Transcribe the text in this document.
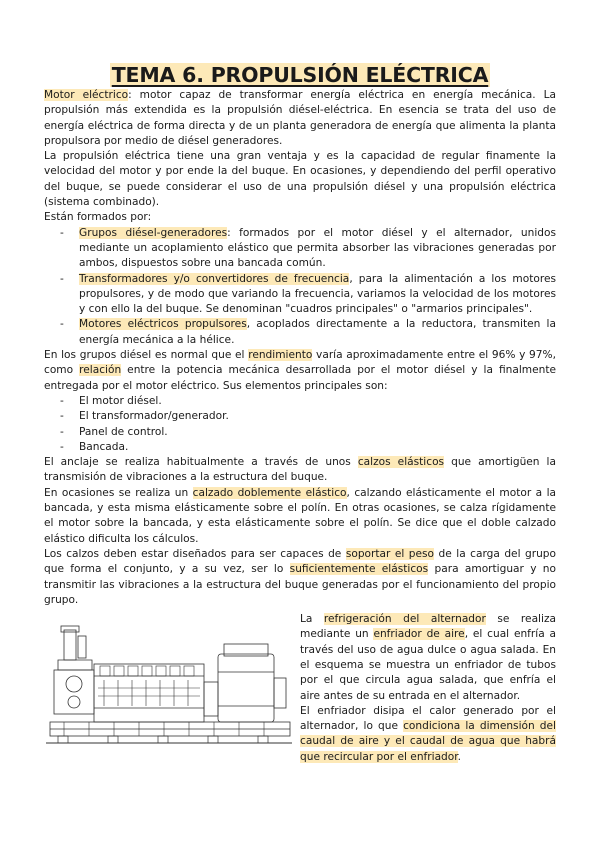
TEMA 6. PROPULSIÓN ELÉCTRICA

Motor eléctrico: motor capaz de transformar energía eléctrica en energía mecánica. La propulsión más extendida es la propulsión diésel-eléctrica. En esencia se trata del uso de energía eléctrica de forma directa y de un planta generadora de energía que alimenta la planta propulsora por medio de diésel generadores.

La propulsión eléctrica tiene una gran ventaja y es la capacidad de regular finamente la velocidad del motor y por ende la del buque. En ocasiones, y dependiendo del perfil operativo del buque, se puede considerar el uso de una propulsión diésel y una propulsión eléctrica (sistema combinado).

Están formados por:

- Grupos diésel-generadores: formados por el motor diésel y el alternador, unidos mediante un acoplamiento elástico que permita absorber las vibraciones generadas por ambos, dispuestos sobre una bancada común.
- Transformadores y/o convertidores de frecuencia, para la alimentación a los motores propulsores, y de modo que variando la frecuencia, variamos la velocidad de los motores y con ello la del buque. Se denominan "cuadros principales" o "armarios principales".
- Motores eléctricos propulsores, acoplados directamente a la reductora, transmiten la energía mecánica a la hélice.

En los grupos diésel es normal que el rendimiento varía aproximadamente entre el 96% y 97%, como relación entre la potencia mecánica desarrollada por el motor diésel y la finalmente entregada por el motor eléctrico. Sus elementos principales son:

- El motor diésel.
- El transformador/generador.
- Panel de control.
- Bancada.

El anclaje se realiza habitualmente a través de unos calzos elásticos que amortigüen la transmisión de vibraciones a la estructura del buque.

En ocasiones se realiza un calzado doblemente elástico, calzando elásticamente el motor a la bancada, y esta misma elásticamente sobre el polín. En otras ocasiones, se calza rígidamente el motor sobre la bancada, y esta elásticamente sobre el polín. Se dice que el doble calzado elástico dificulta los cálculos.

Los calzos deben estar diseñados para ser capaces de soportar el peso de la carga del grupo que forma el conjunto, y a su vez, ser lo suficientemente elásticos para amortiguar y no transmitir las vibraciones a la estructura del buque generadas por el funcionamiento del propio grupo.

La refrigeración del alternador se realiza mediante un enfriador de aire, el cual enfría a través del uso de agua dulce o agua salada. En el esquema se muestra un enfriador de tubos por el que circula agua salada, que enfría el aire antes de su entrada en el alternador.

El enfriador disipa el calor generado por el alternador, lo que condiciona la dimensión del caudal de aire y el caudal de agua que habrá que recircular por el enfriador.
